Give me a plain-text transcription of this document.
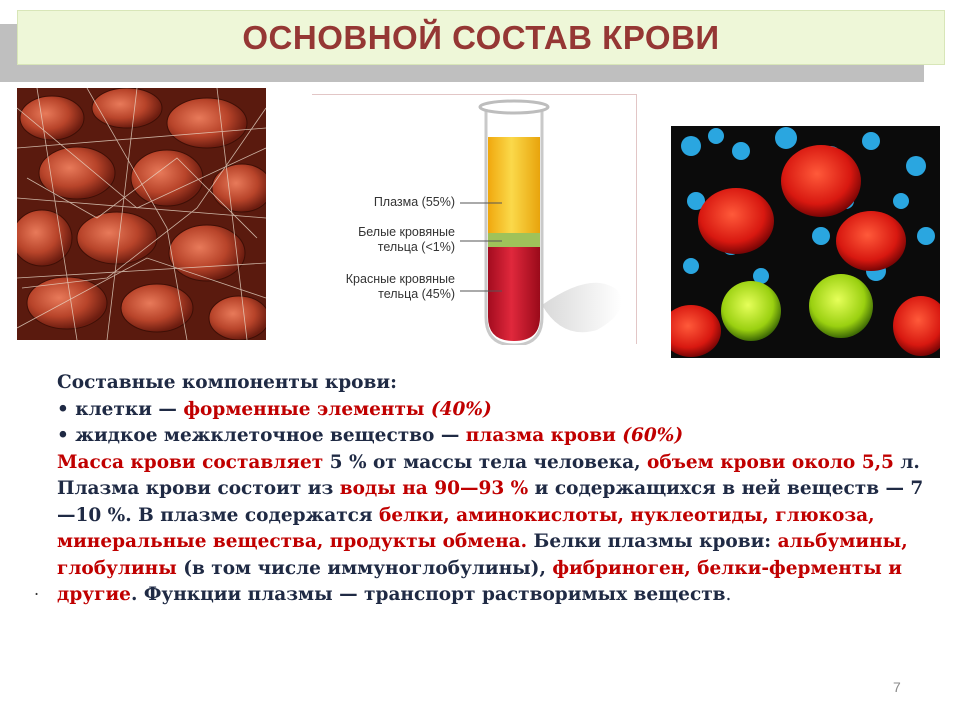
ОСНОВНОЙ СОСТАВ КРОВИ
Плазма (55%)
Белые кровяные
тельца (<1%)
Красные кровяные
тельца (45%)
Составные компоненты крови:
• клетки — форменные элементы (40%)
• жидкое межклеточное вещество — плазма крови (60%)
Масса крови составляет 5 % от массы тела человека, объем крови около 5,5 л.
Плазма крови состоит из воды на 90—93 % и содержащихся в ней веществ — 7
—10 %. В плазме содержатся белки, аминокислоты, нуклеотиды, глюкоза,
минеральные вещества, продукты обмена. Белки плазмы крови: альбумины,
глобулины (в том числе иммуноглобулины), фибриноген, белки-ферменты и
другие. Функции плазмы — транспорт растворимых веществ.
.
7
